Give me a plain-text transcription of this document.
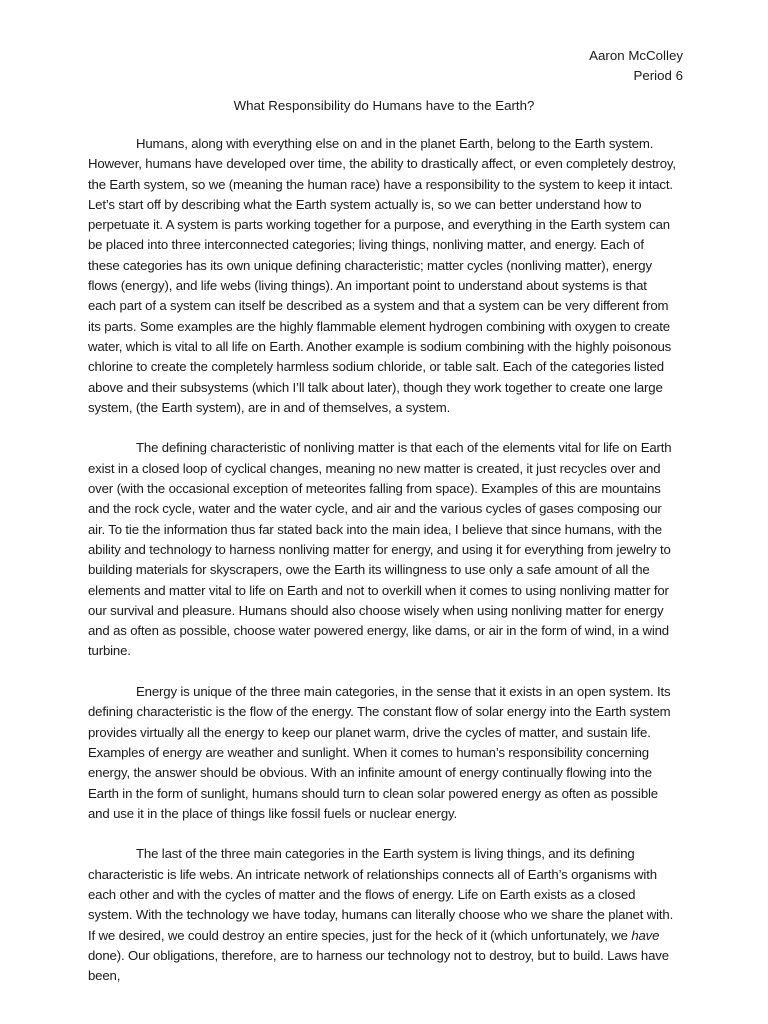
Aaron McColley
Period 6
What Responsibility do Humans have to the Earth?

Humans, along with everything else on and in the planet Earth, belong to the Earth system. However, humans have developed over time, the ability to drastically affect, or even completely destroy, the Earth system, so we (meaning the human race) have a responsibility to the system to keep it intact. Let’s start off by describing what the Earth system actually is, so we can better understand how to perpetuate it. A system is parts working together for a purpose, and everything in the Earth system can be placed into three interconnected categories; living things, nonliving matter, and energy. Each of these categories has its own unique defining characteristic; matter cycles (nonliving matter), energy flows (energy), and life webs (living things). An important point to understand about systems is that each part of a system can itself be described as a system and that a system can be very different from its parts. Some examples are the highly flammable element hydrogen combining with oxygen to create water, which is vital to all life on Earth. Another example is sodium combining with the highly poisonous chlorine to create the completely harmless sodium chloride, or table salt. Each of the categories listed above and their subsystems (which I’ll talk about later), though they work together to create one large system, (the Earth system), are in and of themselves, a system.

The defining characteristic of nonliving matter is that each of the elements vital for life on Earth exist in a closed loop of cyclical changes, meaning no new matter is created, it just recycles over and over (with the occasional exception of meteorites falling from space). Examples of this are mountains and the rock cycle, water and the water cycle, and air and the various cycles of gases composing our air. To tie the information thus far stated back into the main idea, I believe that since humans, with the ability and technology to harness nonliving matter for energy, and using it for everything from jewelry to building materials for skyscrapers, owe the Earth its willingness to use only a safe amount of all the elements and matter vital to life on Earth and not to overkill when it comes to using nonliving matter for our survival and pleasure. Humans should also choose wisely when using nonliving matter for energy and as often as possible, choose water powered energy, like dams, or air in the form of wind, in a wind turbine.

Energy is unique of the three main categories, in the sense that it exists in an open system. Its defining characteristic is the flow of the energy. The constant flow of solar energy into the Earth system provides virtually all the energy to keep our planet warm, drive the cycles of matter, and sustain life. Examples of energy are weather and sunlight. When it comes to human’s responsibility concerning energy, the answer should be obvious. With an infinite amount of energy continually flowing into the Earth in the form of sunlight, humans should turn to clean solar powered energy as often as possible and use it in the place of things like fossil fuels or nuclear energy.

The last of the three main categories in the Earth system is living things, and its defining characteristic is life webs. An intricate network of relationships connects all of Earth’s organisms with each other and with the cycles of matter and the flows of energy. Life on Earth exists as a closed system. With the technology we have today, humans can literally choose who we share the planet with. If we desired, we could destroy an entire species, just for the heck of it (which unfortunately, we have done). Our obligations, therefore, are to harness our technology not to destroy, but to build. Laws have been,
